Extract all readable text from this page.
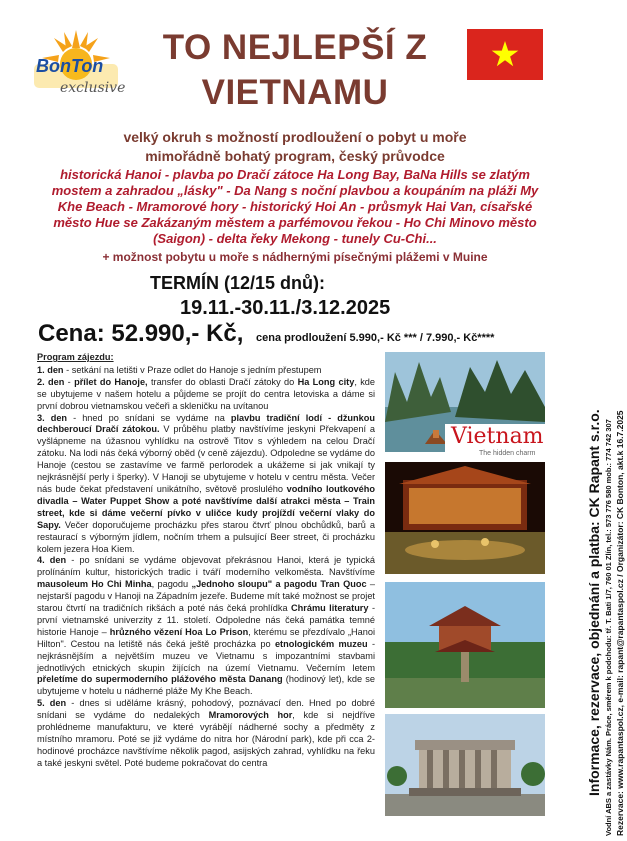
BonTon
exclusive
TO NEJLEPŠÍ Z
VIETNAMU
velký okruh s možností prodloužení o pobyt u moře
mimořádně bohatý program, český průvodce
historická Hanoi - plavba po Dračí zátoce Ha Long Bay, BaNa Hills se zlatým
mostem a zahradou „lásky" - Da Nang s noční plavbou a koupáním na pláži My
Khe Beach - Mramorové hory - historický Hoi An - průsmyk Hai Van, císařské
město Hue se Zakázaným městem a parfémovou řekou - Ho Chi Minovo město
(Saigon) - delta řeky Mekong - tunely Cu-Chi...
+ možnost pobytu u moře s nádhernými písečnými plážemi v Muine
TERMÍN (12/15 dnů):
19.11.-30.11./3.12.2025
Cena: 52.990,- Kč, cena prodloužení 5.990,- Kč *** / 7.990,- Kč****
Program zájezdu:

1. den - setkání na letišti v Praze odlet do Hanoje s jedním přestupem

2. den - přílet do Hanoje, transfer do oblasti Dračí zátoky do Ha Long city, kde se ubytujeme v našem hotelu a půjdeme se projít do centra letoviska a dáme si první dobrou vietnamskou večeři a skleničku na uvítanou

3. den - hned po snídani se vydáme na plavbu tradiční lodí - džunkou dechberoucí Dračí zátokou. V průběhu platby navštívíme jeskyni Překvapení a vyšlápneme na úžasnou vyhlídku na ostrově Titov s výhledem na celou Dračí zátoku. Na lodi nás čeká výborný oběd (v ceně zájezdu). Odpoledne se vydáme do Hanoje (cestou se zastavíme ve farmě perlorodek a ukážeme si jak vnikají ty nejkrásnější perly i šperky). V Hanoji se ubytujeme v hotelu v centru města. Večer nás bude čekat představení unikátního, světově proslulého vodního loutkového divadla – Water Puppet Show a poté navštívíme další atrakci města – Train street, kde si dáme večerní pívko v uličce kudy projíždí večerní vlaky do Sapy. Večer doporučujeme procházku přes starou čtvrť plnou obchůdků, barů a restaurací s výborným jídlem, nočním trhem a pulsující Beer street, či procházku kolem jezera Hoa Kiem.

4. den - po snídani se vydáme objevovat překrásnou Hanoi, která je typická prolínáním kultur, historických tradic i tváří moderního velkoměsta. Navštívíme mausoleum Ho Chi Minha, pagodu „Jednoho sloupu" a pagodu Tran Quoc – nejstarší pagodu v Hanoji na Západním jezeře. Budeme mít také možnost se projet starou čtvrtí na tradičních rikšách a poté nás čeká prohlídka Chrámu literatury - první vietnamské univerzity z 11. století. Odpoledne nás čeká památka temné historie Hanoje – hrůzného vězení Hoa Lo Prison, kterému se přezdívalo „Hanoi Hilton". Cestou na letiště nás čeká ještě procházka po etnologickém muzeu - nejkrásnějším a největším muzeu ve Vietnamu s impozantními stavbami jednotlivých etnických skupin žijících na území Vietnamu. Večerním letem přeletíme do supermoderního plážového města Danang (hodinový let), kde se ubytujeme v hotelu u nádherné pláže My Khe Beach.

5. den - dnes si uděláme krásný, pohodový, poznávací den. Hned po dobré snídani se vydáme do nedalekých Mramorových hor, kde si nejdříve prohlédneme manufakturu, ve které vyrábějí nádherné sochy a předměty z místního mramoru. Poté se již vydáme do nitra hor (Národní park), kde při cca 2-hodinové procházce navštívíme několik pagod, asijských zahrad, vyhlídku na řeku a také jeskyni světel. Poté budeme pokračovat do centra

Vietnam
The hidden charm	Informace, rezervace, objednání a platba: CK Rapant s.r.o. Vodní ABS a zastávky Nám. Práce, směrem k podchodu: tř. T. Bati 1/7, 760 01 Zlín, tel.: 573 776 580 mob.: 774 742 307 Rezervace: www.rapantaspol.cz, e-mail: rapant@rapantaspol.cz / Organizátor: CK Bonton, akt.k 16.7.2025
